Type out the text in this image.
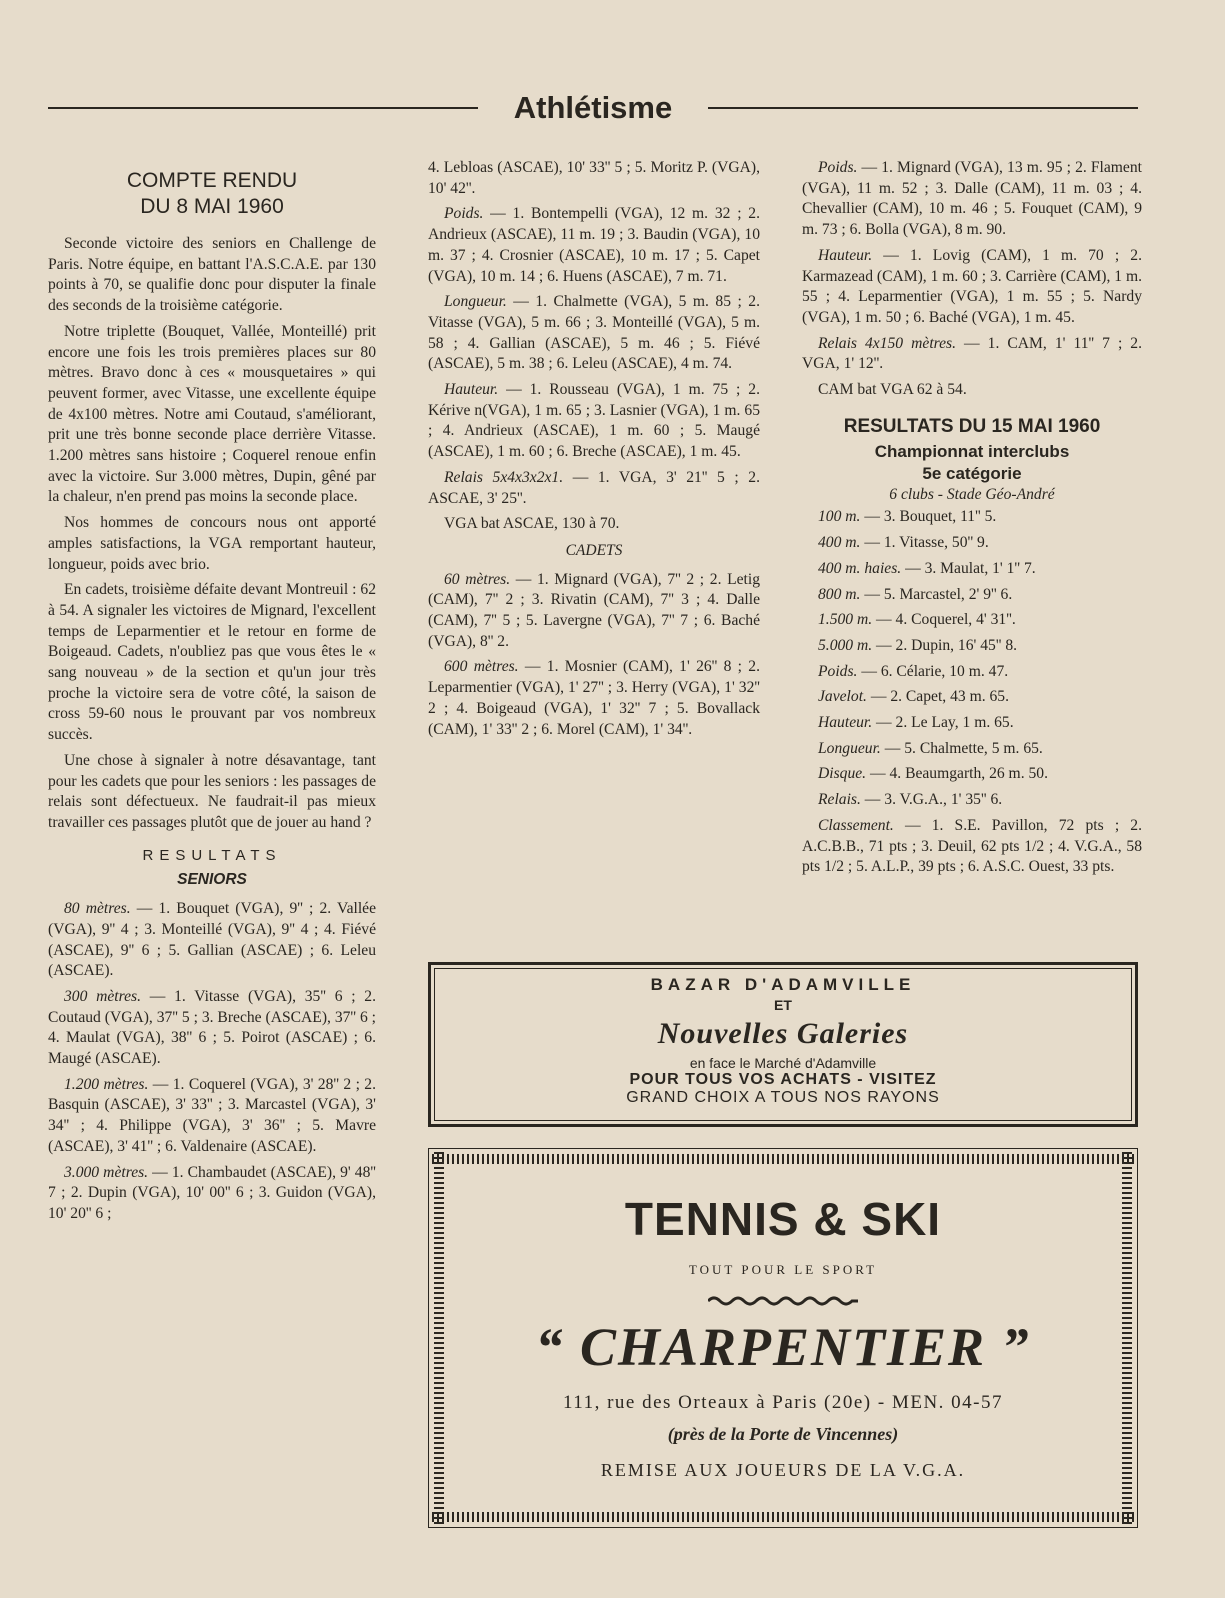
Athlétisme
COMPTE RENDU
DU 8 MAI 1960

Seconde victoire des seniors en Challenge de Paris. Notre équipe, en battant l'A.S.C.A.E. par 130 points à 70, se qualifie donc pour disputer la finale des seconds de la troisième catégorie.

Notre triplette (Bouquet, Vallée, Monteillé) prit encore une fois les trois premières places sur 80 mètres. Bravo donc à ces « mousquetaires » qui peuvent former, avec Vitasse, une excellente équipe de 4x100 mètres. Notre ami Coutaud, s'améliorant, prit une très bonne seconde place derrière Vitasse. 1.200 mètres sans histoire ; Coquerel renoue enfin avec la victoire. Sur 3.000 mètres, Dupin, gêné par la chaleur, n'en prend pas moins la seconde place.

Nos hommes de concours nous ont apporté amples satisfactions, la VGA remportant hauteur, longueur, poids avec brio.

En cadets, troisième défaite devant Montreuil : 62 à 54. A signaler les victoires de Mignard, l'excellent temps de Leparmentier et le retour en forme de Boigeaud. Cadets, n'oubliez pas que vous êtes le « sang nouveau » de la section et qu'un jour très proche la victoire sera de votre côté, la saison de cross 59-60 nous le prouvant par vos nombreux succès.

Une chose à signaler à notre désavantage, tant pour les cadets que pour les seniors : les passages de relais sont défectueux. Ne faudrait-il pas mieux travailler ces passages plutôt que de jouer au hand ?

RESULTATS
SENIORS

80 mètres. — 1. Bouquet (VGA), 9'' ; 2. Vallée (VGA), 9'' 4 ; 3. Monteillé (VGA), 9'' 4 ; 4. Fiévé (ASCAE), 9'' 6 ; 5. Gallian (ASCAE) ; 6. Leleu (ASCAE).

300 mètres. — 1. Vitasse (VGA), 35'' 6 ; 2. Coutaud (VGA), 37'' 5 ; 3. Breche (ASCAE), 37'' 6 ; 4. Maulat (VGA), 38'' 6 ; 5. Poirot (ASCAE) ; 6. Maugé (ASCAE).

1.200 mètres. — 1. Coquerel (VGA), 3' 28'' 2 ; 2. Basquin (ASCAE), 3' 33'' ; 3. Marcastel (VGA), 3' 34'' ; 4. Philippe (VGA), 3' 36'' ; 5. Mavre (ASCAE), 3' 41'' ; 6. Valdenaire (ASCAE).

3.000 mètres. — 1. Chambaudet (ASCAE), 9' 48'' 7 ; 2. Dupin (VGA), 10' 00'' 6 ; 3. Guidon (VGA), 10' 20'' 6 ;

4. Lebloas (ASCAE), 10' 33'' 5 ; 5. Moritz P. (VGA), 10' 42''.

Poids. — 1. Bontempelli (VGA), 12 m. 32 ; 2. Andrieux (ASCAE), 11 m. 19 ; 3. Baudin (VGA), 10 m. 37 ; 4. Crosnier (ASCAE), 10 m. 17 ; 5. Capet (VGA), 10 m. 14 ; 6. Huens (ASCAE), 7 m. 71.

Longueur. — 1. Chalmette (VGA), 5 m. 85 ; 2. Vitasse (VGA), 5 m. 66 ; 3. Monteillé (VGA), 5 m. 58 ; 4. Gallian (ASCAE), 5 m. 46 ; 5. Fiévé (ASCAE), 5 m. 38 ; 6. Leleu (ASCAE), 4 m. 74.

Hauteur. — 1. Rousseau (VGA), 1 m. 75 ; 2. Kérive n(VGA), 1 m. 65 ; 3. Lasnier (VGA), 1 m. 65 ; 4. Andrieux (ASCAE), 1 m. 60 ; 5. Maugé (ASCAE), 1 m. 60 ; 6. Breche (ASCAE), 1 m. 45.

Relais 5x4x3x2x1. — 1. VGA, 3' 21'' 5 ; 2. ASCAE, 3' 25''.

VGA bat ASCAE, 130 à 70.

CADETS

60 mètres. — 1. Mignard (VGA), 7'' 2 ; 2. Letig (CAM), 7'' 2 ; 3. Rivatin (CAM), 7'' 3 ; 4. Dalle (CAM), 7'' 5 ; 5. Lavergne (VGA), 7'' 7 ; 6. Baché (VGA), 8'' 2.

600 mètres. — 1. Mosnier (CAM), 1' 26'' 8 ; 2. Leparmentier (VGA), 1' 27'' ; 3. Herry (VGA), 1' 32'' 2 ; 4. Boigeaud (VGA), 1' 32'' 7 ; 5. Bovallack (CAM), 1' 33'' 2 ; 6. Morel (CAM), 1' 34''.

Poids. — 1. Mignard (VGA), 13 m. 95 ; 2. Flament (VGA), 11 m. 52 ; 3. Dalle (CAM), 11 m. 03 ; 4. Chevallier (CAM), 10 m. 46 ; 5. Fouquet (CAM), 9 m. 73 ; 6. Bolla (VGA), 8 m. 90.

Hauteur. — 1. Lovig (CAM), 1 m. 70 ; 2. Karmazead (CAM), 1 m. 60 ; 3. Carrière (CAM), 1 m. 55 ; 4. Leparmentier (VGA), 1 m. 55 ; 5. Nardy (VGA), 1 m. 50 ; 6. Baché (VGA), 1 m. 45.

Relais 4x150 mètres. — 1. CAM, 1' 11'' 7 ; 2. VGA, 1' 12''.

CAM bat VGA 62 à 54.

RESULTATS DU 15 MAI 1960
Championnat interclubs
5e catégorie
6 clubs - Stade Géo-André

100 m. — 3. Bouquet, 11'' 5.

400 m. — 1. Vitasse, 50'' 9.

400 m. haies. — 3. Maulat, 1' 1'' 7.

800 m. — 5. Marcastel, 2' 9'' 6.

1.500 m. — 4. Coquerel, 4' 31''.

5.000 m. — 2. Dupin, 16' 45'' 8.

Poids. — 6. Célarie, 10 m. 47.

Javelot. — 2. Capet, 43 m. 65.

Hauteur. — 2. Le Lay, 1 m. 65.

Longueur. — 5. Chalmette, 5 m. 65.

Disque. — 4. Beaumgarth, 26 m. 50.

Relais. — 3. V.G.A., 1' 35'' 6.

Classement. — 1. S.E. Pavillon, 72 pts ; 2. A.C.B.B., 71 pts ; 3. Deuil, 62 pts 1/2 ; 4. V.G.A., 58 pts 1/2 ; 5. A.L.P., 39 pts ; 6. A.S.C. Ouest, 33 pts.

BAZAR D'ADAMVILLE
ET
Nouvelles Galeries
en face le Marché d'Adamville
POUR TOUS VOS ACHATS - VISITEZ
GRAND CHOIX A TOUS NOS RAYONS
TENNIS & SKI
TOUT POUR LE SPORT
“ CHARPENTIER ”
111, rue des Orteaux à Paris (20e) - MEN. 04-57
(près de la Porte de Vincennes)
REMISE AUX JOUEURS DE LA V.G.A.
